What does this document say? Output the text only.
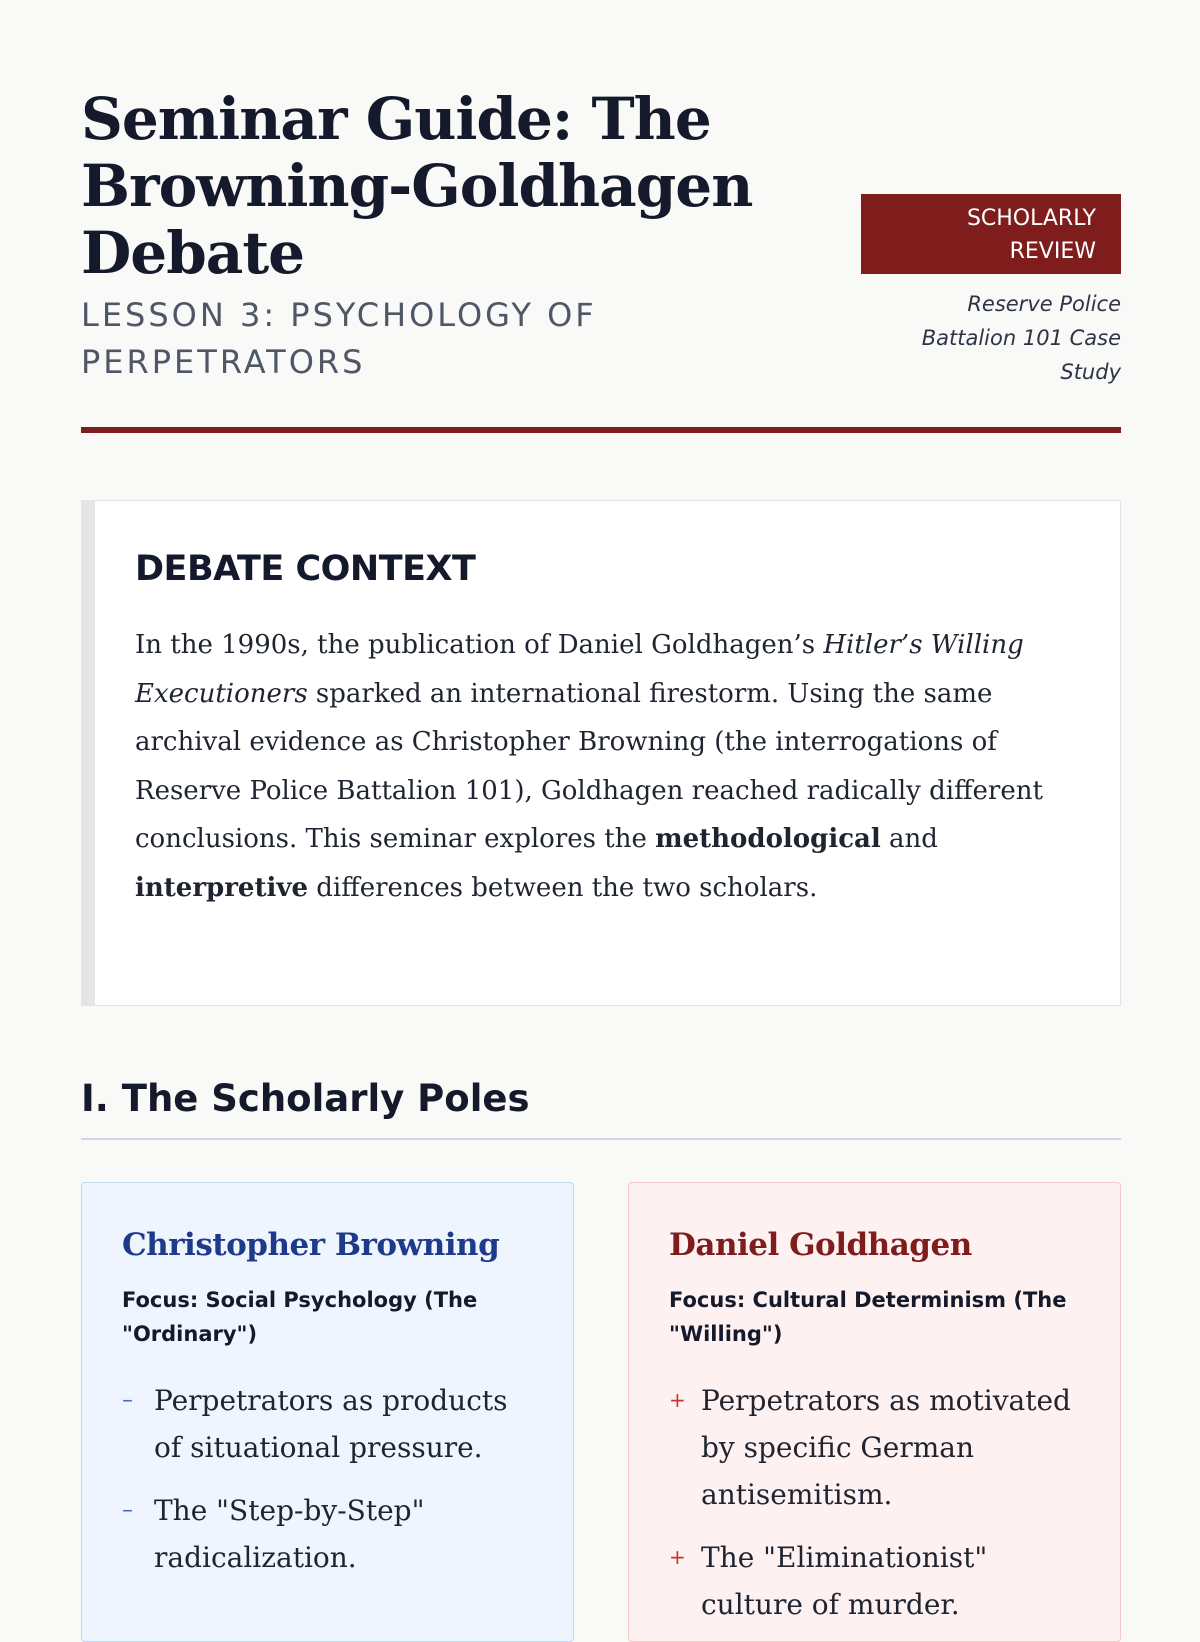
Seminar Guide: The Browning-Goldhagen Debate
LESSON 3: PSYCHOLOGY OF PERPETRATORS
SCHOLARLY REVIEW
Reserve Police Battalion 101 Case Study
DEBATE CONTEXT

In the 1990s, the publication of Daniel Goldhagen’s Hitler’s Willing Executioners sparked an international firestorm. Using the same archival evidence as Christopher Browning (the interrogations of Reserve Police Battalion 101), Goldhagen reached radically different conclusions. This seminar explores the methodological and interpretive differences between the two scholars.

I. The Scholarly Poles
Christopher Browning
Focus: Social Psychology (The "Ordinary")
– Perpetrators as products of situational pressure.
– The "Step-by-Step" radicalization.
Daniel Goldhagen
Focus: Cultural Determinism (The "Willing")
+ Perpetrators as motivated by specific German antisemitism.
+ The "Eliminationist" culture of murder.
